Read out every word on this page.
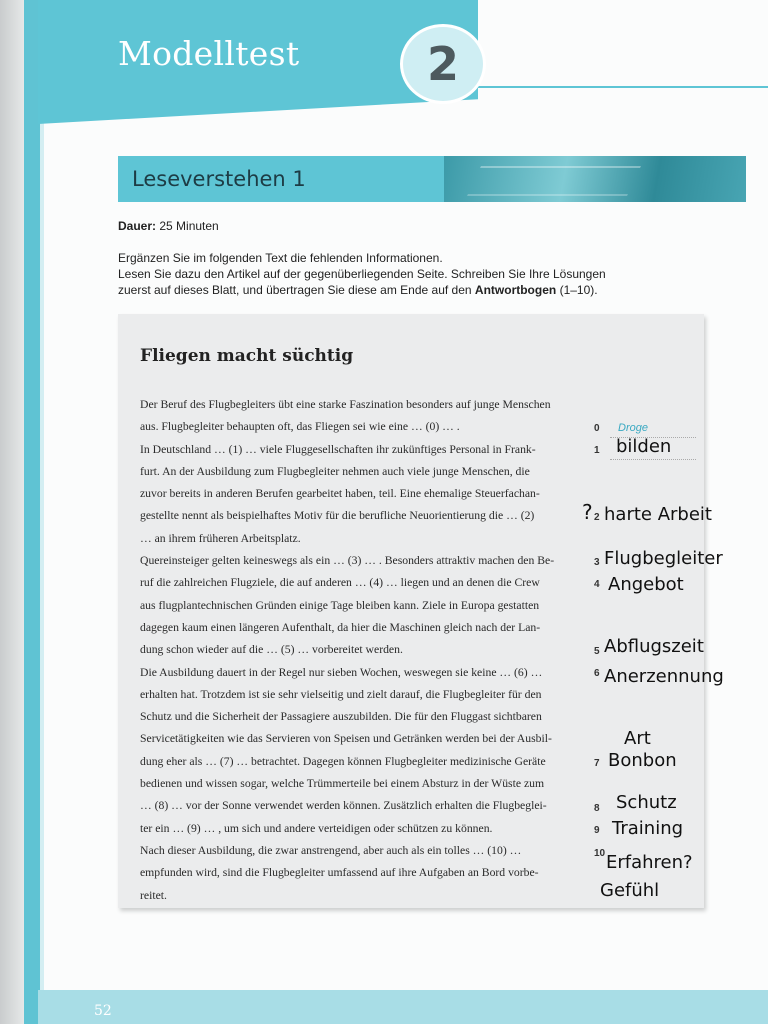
Modelltest	2
Leseverstehen 1
Dauer: 25 Minuten
Ergänzen Sie im folgenden Text die fehlenden Informationen.
Lesen Sie dazu den Artikel auf der gegenüberliegenden Seite. Schreiben Sie Ihre Lösungen
zuerst auf dieses Blatt, und übertragen Sie diese am Ende auf den Antwortbogen (1–10).
Fliegen macht süchtig
Der Beruf des Flugbegleiters übt eine starke Faszination besonders auf junge Menschen
aus. Flugbegleiter behaupten oft, das Fliegen sei wie eine … (0) … .
In Deutschland … (1) … viele Fluggesellschaften ihr zukünftiges Personal in Frank-
furt. An der Ausbildung zum Flugbegleiter nehmen auch viele junge Menschen, die
zuvor bereits in anderen Berufen gearbeitet haben, teil. Eine ehemalige Steuerfachan-
gestellte nennt als beispielhaftes Motiv für die berufliche Neuorientierung die … (2)
… an ihrem früheren Arbeitsplatz.
Quereinsteiger gelten keineswegs als ein … (3) … . Besonders attraktiv machen den Be-
ruf die zahlreichen Flugziele, die auf anderen … (4) … liegen und an denen die Crew
aus flugplantechnischen Gründen einige Tage bleiben kann. Ziele in Europa gestatten
dagegen kaum einen längeren Aufenthalt, da hier die Maschinen gleich nach der Lan-
dung schon wieder auf die … (5) … vorbereitet werden.
Die Ausbildung dauert in der Regel nur sieben Wochen, weswegen sie keine … (6) …
erhalten hat. Trotzdem ist sie sehr vielseitig und zielt darauf, die Flugbegleiter für den
Schutz und die Sicherheit der Passagiere auszubilden. Die für den Fluggast sichtbaren
Servicetätigkeiten wie das Servieren von Speisen und Getränken werden bei der Ausbil-
dung eher als … (7) … betrachtet. Dagegen können Flugbegleiter medizinische Geräte
bedienen und wissen sogar, welche Trümmerteile bei einem Absturz in der Wüste zum
… (8) … vor der Sonne verwendet werden können. Zusätzlich erhalten die Flugbeglei-
ter ein … (9) … , um sich und andere verteidigen oder schützen zu können.
Nach dieser Ausbildung, die zwar anstrengend, aber auch als ein tolles … (10) …
empfunden wird, sind die Flugbegleiter umfassend auf ihre Aufgaben an Bord vorbe-
reitet.
0 Droge
1
2
3
4
5
6
7
8
9
10
bilden
? harte Arbeit
Flugbegleiter
Angebot
Abflugszeit
Anerzennung
Art
Bonbon
Schutz
Training
Erfahren?
Gefühl
52
